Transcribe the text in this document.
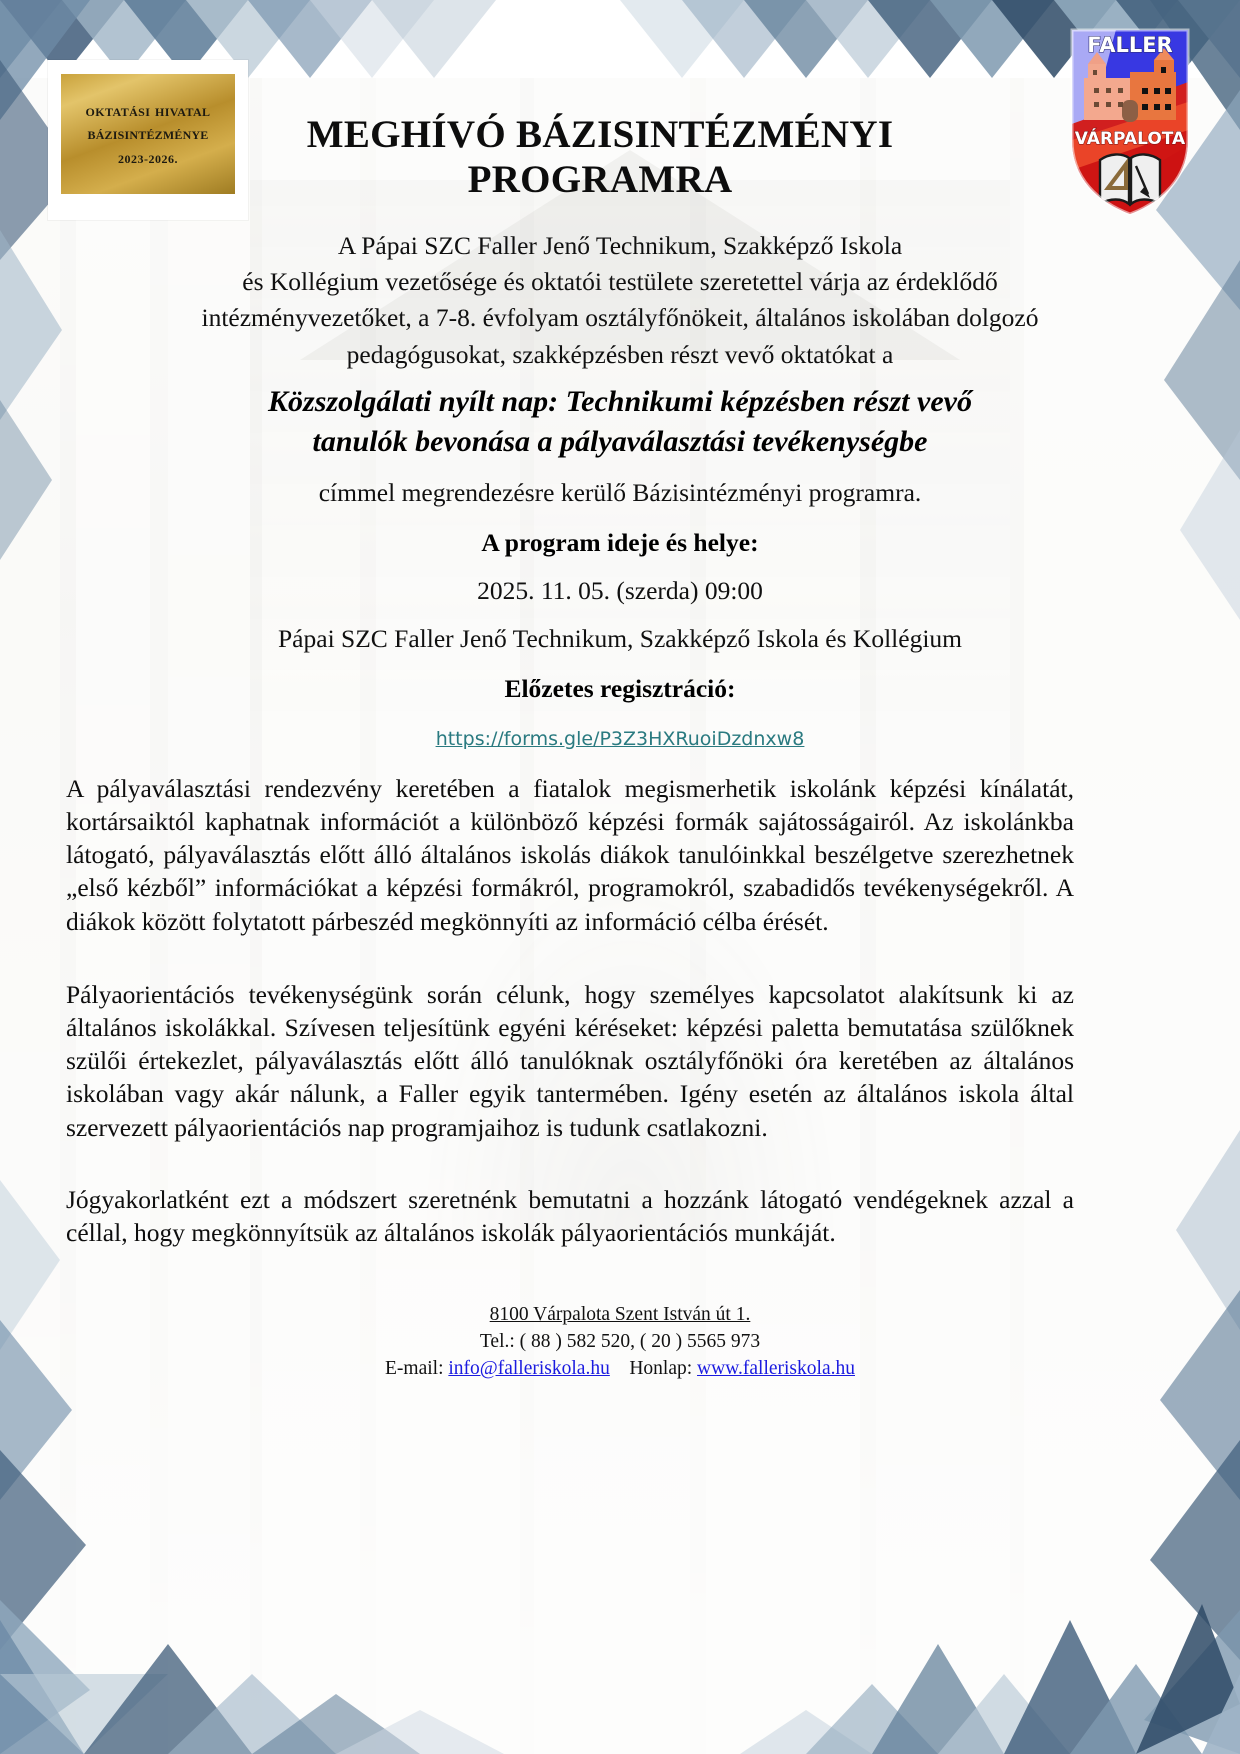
oktatási hivatal
bázisintézménye
2023-2026.
FALLER
VÁRPALOTA
MEGHÍVÓ BÁZISINTÉZMÉNYI PROGRAMRA
A Pápai SZC Faller Jenő Technikum, Szakképző Iskola
és Kollégium vezetősége és oktatói testülete szeretettel várja az érdeklődő
intézményvezetőket, a 7-8. évfolyam osztályfőnökeit, általános iskolában dolgozó
pedagógusokat, szakképzésben részt vevő oktatókat a
Közszolgálati nyílt nap: Technikumi képzésben részt vevő
tanulók bevonása a pályaválasztási tevékenységbe
címmel megrendezésre kerülő Bázisintézményi programra.
A program ideje és helye:
2025. 11. 05. (szerda) 09:00
Pápai SZC Faller Jenő Technikum, Szakképző Iskola és Kollégium
Előzetes regisztráció:
https://forms.gle/P3Z3HXRuoiDzdnxw8
A pályaválasztási rendezvény keretében a fiatalok megismerhetik iskolánk képzési kínálatát, kortársaiktól kaphatnak információt a különböző képzési formák sajátosságairól. Az iskolánkba látogató, pályaválasztás előtt álló általános iskolás diákok tanulóinkkal beszélgetve szerezhetnek „első kézből” információkat a képzési formákról, programokról, szabadidős tevékenységekről. A diákok között folytatott párbeszéd megkönnyíti az információ célba érését.
Pályaorientációs tevékenységünk során célunk, hogy személyes kapcsolatot alakítsunk ki az általános iskolákkal. Szívesen teljesítünk egyéni kéréseket: képzési paletta bemutatása szülőknek szülői értekezlet, pályaválasztás előtt álló tanulóknak osztályfőnöki óra keretében az általános iskolában vagy akár nálunk, a Faller egyik tantermében. Igény esetén az általános iskola által szervezett pályaorientációs nap programjaihoz is tudunk csatlakozni.
Jógyakorlatként ezt a módszert szeretnénk bemutatni a hozzánk látogató vendégeknek azzal a céllal, hogy megkönnyítsük az általános iskolák pályaorientációs munkáját.
8100 Várpalota Szent István út 1.
Tel.: ( 88 ) 582 520, ( 20 ) 5565 973
E-mail: info@falleriskola.hu Honlap: www.falleriskola.hu
